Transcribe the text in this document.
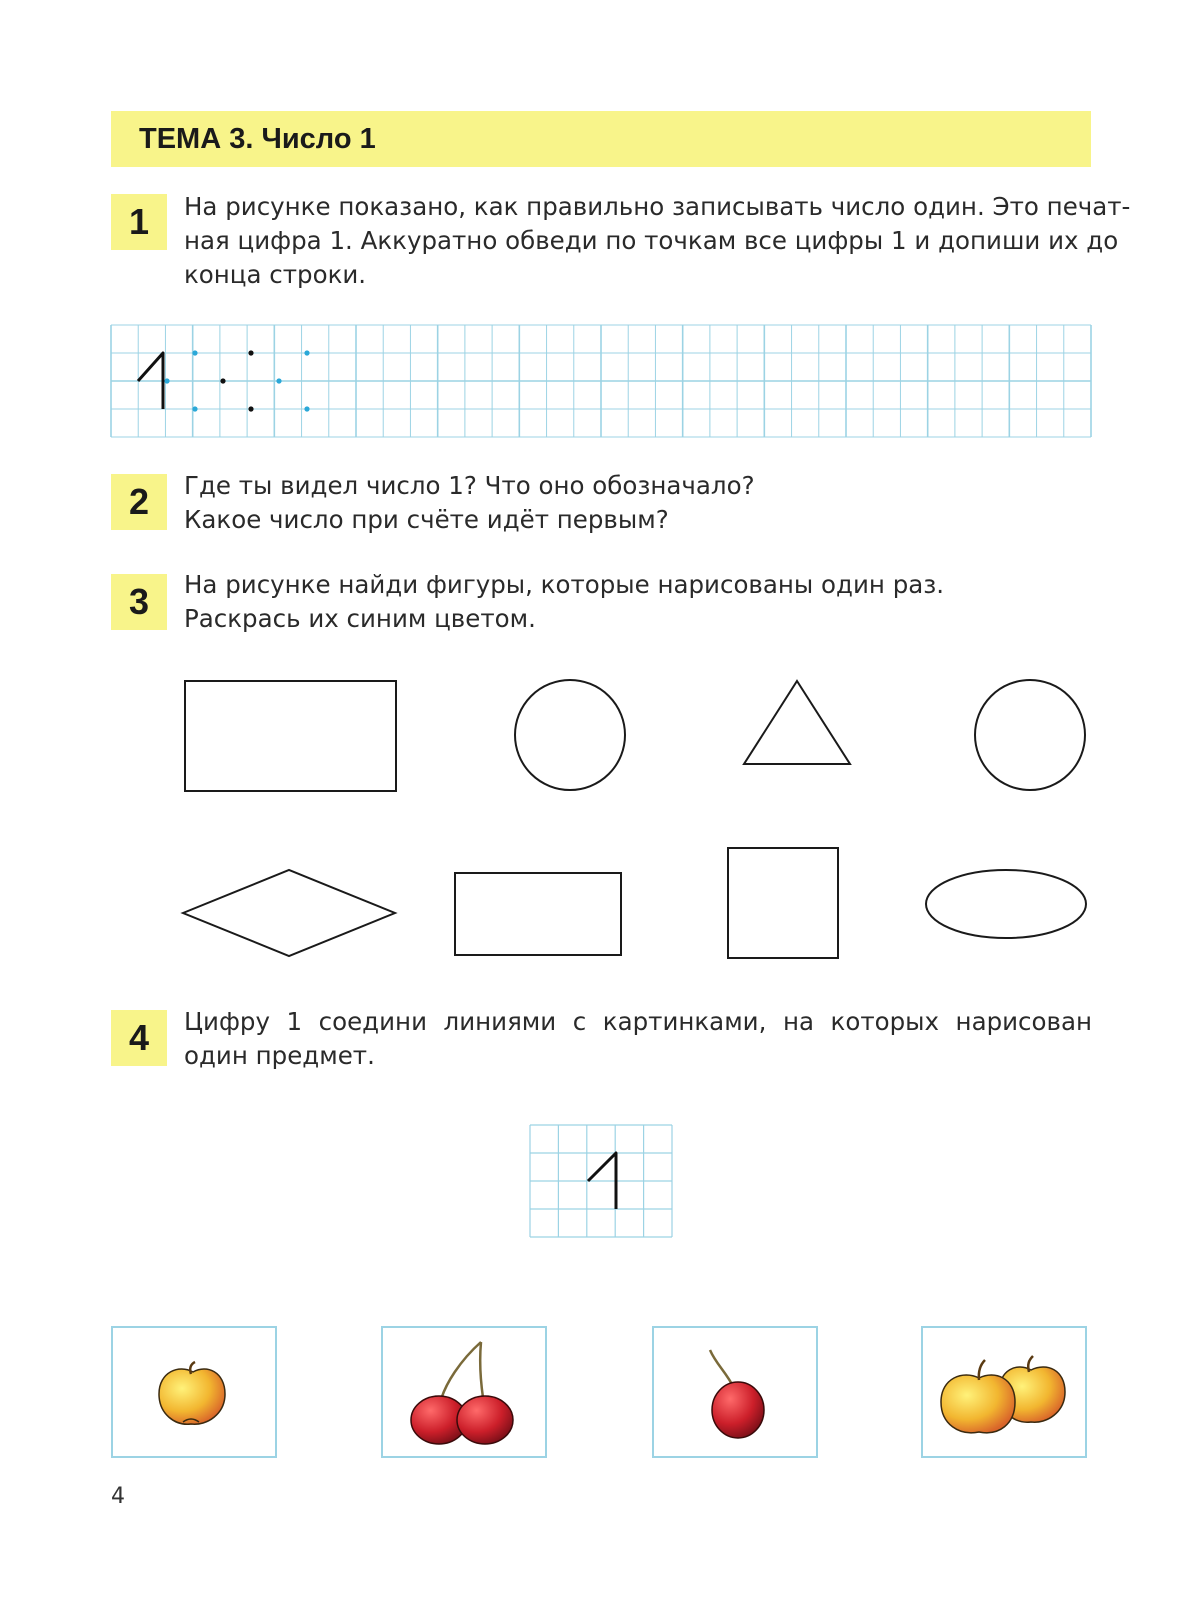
ТЕМА 3. Число 1
1	На рисунке показано, как правильно записывать число один. Это печат-
ная цифра 1. Аккуратно обведи по точкам все цифры 1 и допиши их до
конца строки.
2	Где ты видел число 1? Что оно обозначало?
Какое число при счёте идёт первым?
3	На рисунке найди фигуры, которые нарисованы один раз.
Раскрась их синим цветом.
4	Цифру 1 соедини линиями с картинками, на которых нарисован один предмет.

4
